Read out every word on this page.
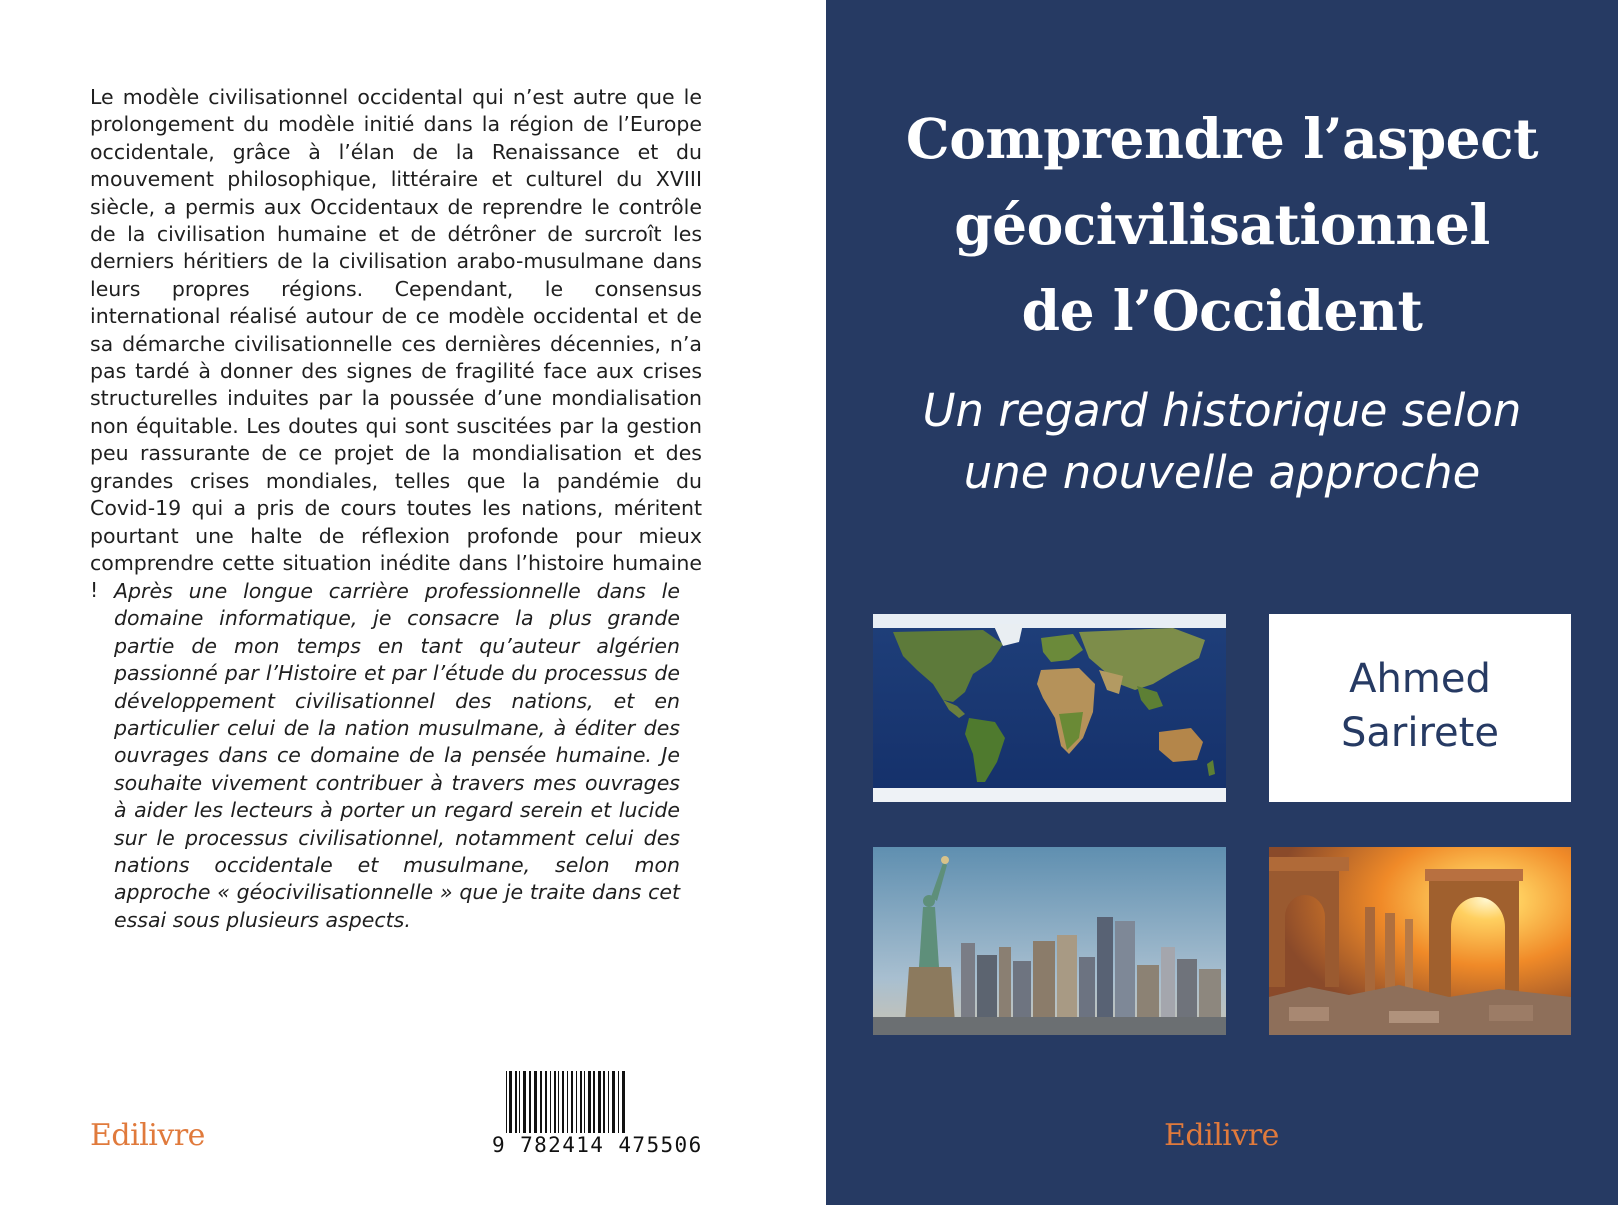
Le modèle civilisationnel occidental qui n’est autre que le prolongement du modèle initié dans la région de l’Europe occidentale, grâce à l’élan de la Renaissance et du mouvement philosophique, littéraire et culturel du XVIII siècle, a permis aux Occidentaux de reprendre le contrôle de la civilisation humaine et de détrôner de surcroît les derniers héritiers de la civilisation arabo-musulmane dans leurs propres régions. Cependant, le consensus international réalisé autour de ce modèle occidental et de sa démarche civilisationnelle ces dernières décennies, n’a pas tardé à donner des signes de fragilité face aux crises structurelles induites par la poussée d’une mondialisation non équitable. Les doutes qui sont suscitées par la gestion peu rassurante de ce projet de la mondialisation et des grandes crises mondiales, telles que la pandémie du Covid-19 qui a pris de cours toutes les nations, méritent pourtant une halte de réflexion profonde pour mieux comprendre cette situation inédite dans l’histoire humaine ! Après une longue carrière professionnelle dans le domaine informatique, je consacre la plus grande partie de mon temps en tant qu’auteur algérien passionné par l’Histoire et par l’étude du processus de développement civilisationnel des nations, et en particulier celui de la nation musulmane, à éditer des ouvrages dans ce domaine de la pensée humaine. Je souhaite vivement contribuer à travers mes ouvrages à aider les lecteurs à porter un regard serein et lucide sur le processus civilisationnel, notamment celui des nations occidentale et musulmane, selon mon approche « géocivilisationnelle » que je traite dans cet essai sous plusieurs aspects.
9 782414 475506
Edilivre
Comprendre l’aspect
géocivilisationnel
de l’Occident
Un regard historique selon
une nouvelle approche
Ahmed
Sarirete
Edilivre
